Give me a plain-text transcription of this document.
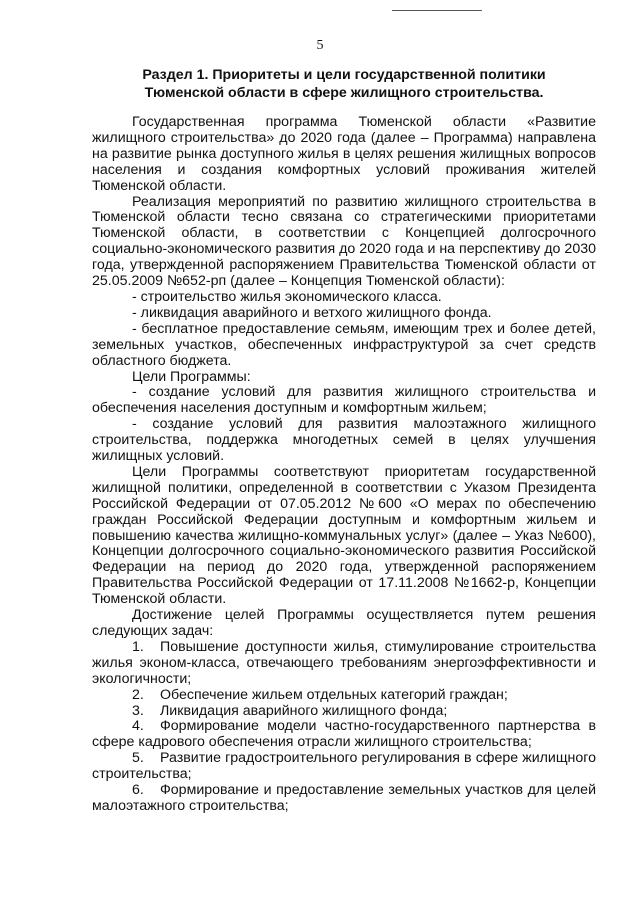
5
Раздел 1. Приоритеты и цели государственной политики
Тюменской области в сфере жилищного строительства.

Государственная программа Тюменской области «Развитие жилищного строительства» до 2020 года (далее – Программа) направлена на развитие рынка доступного жилья в целях решения жилищных вопросов населения и создания комфортных условий проживания жителей Тюменской области.

Реализация мероприятий по развитию жилищного строительства в Тюменской области тесно связана со стратегическими приоритетами Тюменской области, в соответствии с Концепцией долгосрочного социально-экономического развития до 2020 года и на перспективу до 2030 года, утвержденной распоряжением Правительства Тюменской области от 25.05.2009 №652-рп (далее – Концепция Тюменской области):

- строительство жилья экономического класса.

- ликвидация аварийного и ветхого жилищного фонда.

- бесплатное предоставление семьям, имеющим трех и более детей, земельных участков, обеспеченных инфраструктурой за счет средств областного бюджета.

Цели Программы:

- создание условий для развития жилищного строительства и обеспечения населения доступным и комфортным жильем;

- создание условий для развития малоэтажного жилищного строительства, поддержка многодетных семей в целях улучшения жилищных условий.

Цели Программы соответствуют приоритетам государственной жилищной политики, определенной в соответствии с Указом Президента Российской Федерации от 07.05.2012 №600 «О мерах по обеспечению граждан Российской Федерации доступным и комфортным жильем и повышению качества жилищно-коммунальных услуг» (далее – Указ №600), Концепции долгосрочного социально-экономического развития Российской Федерации на период до 2020 года, утвержденной распоряжением Правительства Российской Федерации от 17.11.2008 №1662-р, Концепции Тюменской области.

Достижение целей Программы осуществляется путем решения следующих задач:

1. Повышение доступности жилья, стимулирование строительства жилья эконом-класса, отвечающего требованиям энергоэффективности и экологичности;

2. Обеспечение жильем отдельных категорий граждан;

3. Ликвидация аварийного жилищного фонда;

4. Формирование модели частно-государственного партнерства в сфере кадрового обеспечения отрасли жилищного строительства;

5. Развитие градостроительного регулирования в сфере жилищного строительства;

6. Формирование и предоставление земельных участков для целей малоэтажного строительства;
